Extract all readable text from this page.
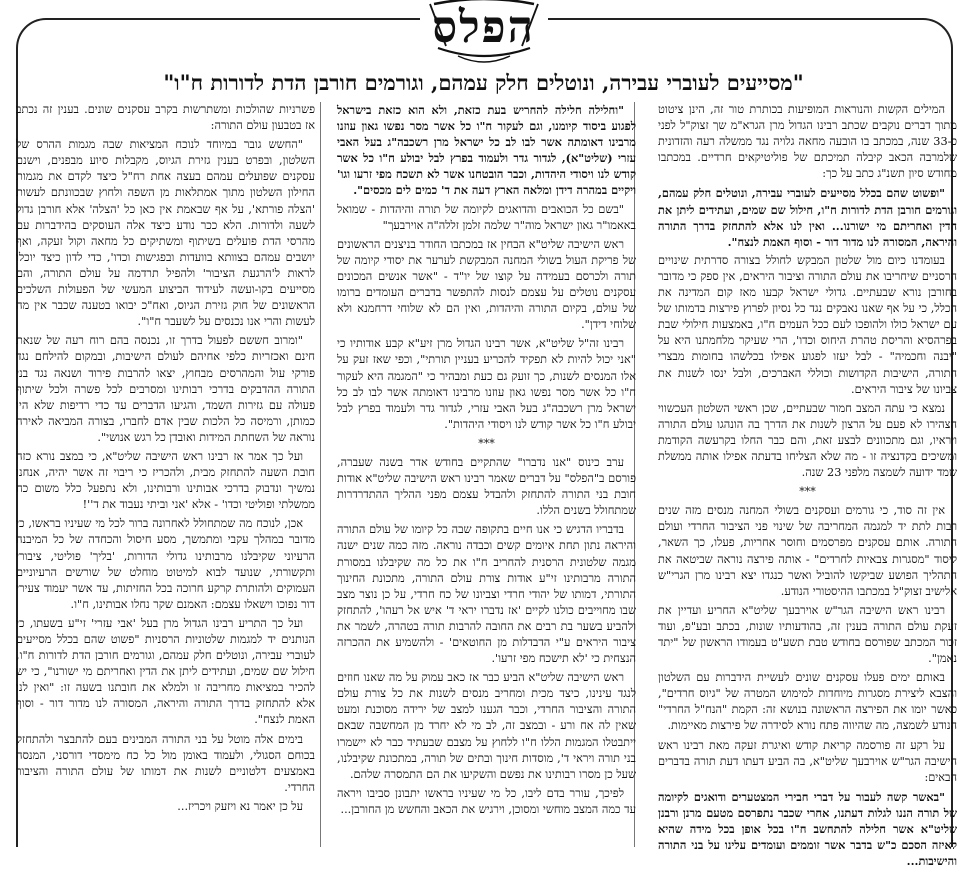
הפלס
"מסייעים לעוברי עבירה, ונוטלים חלק עמהם, וגורמים חורבן הדת לדורות ח"ו"

המילים הקשות והנוראות המופיעות בכותרת טור זה, הינן ציטוט מתוך דברים נוקבים שכתב רבינו הגדול מרן הגרא"מ שך זצוק"ל לפני כ-33 שנה, במכתב בו הובעה מחאה גלויה נגד ממשלה רעה והזדונית שלמרבה הכאב קיבלה תמיכתם של פוליטיקאים חרדיים. במכתבו מחודש סיון תשנ"ג כתב על כך:

"ופשוט שהם בכלל מסייעים לעוברי עבירה, ונוטלים חלק עמהם, וגורמים חורבן הדת לדורות ח"ו, חילול שם שמים, ועתידים ליתן את הדין ואחריתם מי ישורנו... ואין לנו אלא להתחזק בדרך התורה והיראה, המסורה לנו מדור דור - וסוף האמת לנצח".

בעומדנו כיום מול שלטון המבקש לחולל בצורה סדרתית שינויים הרסניים שיחריבו את עולם התורה וציבור היראים, אין ספק כי מדובר בחורבן נורא שבעתיים. גדולי ישראל קבעו מאז קום המדינה את הכלל, כי על אף שאנו נאבקים נגד כל נסיון לפרוץ פירצות בדמותו של עם ישראל כולו ולהופכו לעם ככל העמים ח"ו, באמצעות חילולי שבת בפרהסיא והריסת טהרת היחוס וכדו', הרי שעיקר מלחמתנו היא על "יבנה וחכמיה" - לבל יעזו לפגוע אפילו בכלשהו בחומות מבצרי התורה, הישיבות הקדושות וכוללי האברכים, ולבל ינסו לשנות את צביונו של ציבור היראים.

נמצא כי עתה המצב חמור שבעתיים, שכן ראשי השלטון העכשווי הצהירו לא פעם על הרצון לשנות את הדרך בה הונהגו עולם התורה ויראיו, וגם מתכוונים לבצע זאת, והם כבר החלו בקרעשה הקודמת ומשיכים בקדנציה זו - מה שלא הצליחו בדעתה אפילו אותה ממשלת שמד ידועה לשמצה מלפני 23 שנה.

***

אין זה סוד, כי גורמים ועסקנים בשולי המחנה מנסים מזה שנים רבות לתת יד למגמה המחריבה של שינוי פני הציבור החרדי ועולם התורה. אותם עסקנים מפרסמים וחוסר אחריות, פעלו, כך השאר, ליסוד "מסגרות צבאיות לחרדים" - אותה פירצה נוראה שביטאה את התהליך הפושע שביקשו להוביל ואשר כנגדו יצא רבינו מרן הגרי"ש אלישיב זצוק"ל במכתבו ההיסטורי הנודע.

רבינו ראש הישיבה הגר"ש אוירבעך שליט"א החריע ועדיין את זעקת עולם התורה בענין זה, בהודעותיו שונות, בכתב ובע"פ, ועוד זכור המכתב שפורסם בחודש טבת תשע"ט בעמודו הראשון של "יתד נאמן".

באותם ימים פעלו עסקנים שונים לעשיית הידברות עם השלטון והצבא ליצירת מסגרות מיוחדות למימוש המטרה של "גיוס חרדים", כאשר יומו את הפירצה הראשונה בנושא זה: הקמת "הנח"ל החרדי" הנודע לשמצה, מה שהיווה פתח נורא לסידרה של פירצות מאיימות.

על רקע זה פורסמה קריאת קודש ואיגרת זעקה מאת רבינו ראש הישיבה הגר"ש אוירבעך שליט"א, בה הביע דעתו דעת תורה בדברים הבאים:

"באשר קשה לעבור על דברי חבירי המצטערים ודואגים לקיומה של תורה הננו לגלות דעתנו, אחרי שכבר נתפרסם מטעם מרנן ורבנן שליט"א אשר חלילה להתחשב ח"ו בכל אופן בכל מידה שהיא לאיזה הסכם כ"ש בדבר אשר זוממים ועומדים עלינו על בני התורה והישיבות...

"וחלילה חלילה להחריש בעת כזאת, ולא הוא כזאת בישראל לפגוע ביסוד קיומנו, וגם לעקור ח"ו כל אשר מסר נפשו גאון עוזנו מרבינו דאומתה אשר לבו לב כל ישראל מרן רשכבה"ג בעל האבי עזרי (שליט"א), לגדור גדר ולעמוד בפרץ לבל יבולע ח"ו כל אשר קודש לנו ויסודי היהדות, וכבר הובטחנו אשר לא תשכח מפי זרעו וגו' ויקיים במהרה דידן ומלאה הארץ דעה את ד' כמים לים מכסים".

"בשם כל הכואבים והדואגים לקיומה של תורה והיהדות - שמואל באאמו"ר גאון ישראל מוה"ר שלמה זלמן זללה"ה אוירבעך"

ראש הישיבה שליט"א הבחין אז במכתבו החודר בניצנים הראשונים של פריקת העול בשולי המחנה המבקשת לערער את יסודי קיומה של תורה ולכרסם בעמידה על קוצו של יו"ד - "אשר אנשים המכונים עסקנים נוטלים על עצמם לנסות להתפשר בדברים העומדים ברומו של עולם, בקיום התורה והיהדות, ואין הם לא שלוחי דרחמנא ולא שלוחי דידן".

רבינו זה"ל שליט"א, אשר רבינו הגדול מרן זיע"א קבע אודותיו כי "אני יכול להיות לא תפקיד להכריע בעניין תורתי", וכפי שאז זעק על אלו המנסים לשנות, כך זועק גם כעת ומבהיר כי "המגמה היא לעקור ח"ו כל אשר מסר נפשו גאון עוזנו מרבינו דאומתה אשר לבו לב כל ישראל מרן רשכבה"ג בעל האבי עזרי, לגדור גדר ולעמוד בפרץ לבל יבולע ח"ו כל אשר קודש לנו ויסודי היהדות".

***

ערב כינוס "אנו נדברו" שהתקיים בחודש אדר בשנה שעברה, פורסם ב"הפלס" על דברים שאמר רבינו ראש הישיבה שליט"א אודות חובת בני התורה להתחזק ולהבדל עצמם מפני ההליך ההתדרדרות שמתחולל בשנים הללו.

בדבריו הדגיש כי אנו חיים בתקופה שבה כל קיומו של עולם התורה והיראה נתון תחת איומים קשים וכבדה נוראה. מזה כמה שנים ישנה מגמה שלטונית הרסנית להחריב ח"ו את כל מה שקיבלנו במסורת התורה מרבותינו זי"ע אודות צורת עולם התורה, מתכונת החינוך התורתי, דמותו של יהודי חרדי וצביונו של כח חרדי, על כן נוצר מצב שבו מחוייבים כולנו לקיים 'אז נדברו יראי ד' איש אל רעהו', להתחזק ולהביע בשער בת רבים את החובה להרבות תורה בטהרה, לשמר את ציבור היראים ע"י הדבדלות מן החוטאים' - ולהשמיע את ההכרזה הנצחית כי 'לא תישכח מפי זרעו'.

ראש הישיבה שליט"א הביע כבר אז כאב עמוק על מה שאנו חוזים לנגד עינינו, כיצד מכית ומחריב מנסים לשנות את כל צורת עולם התורה והציבור החרדי, וכבר הגענו למצב של ירידה מסוכנת ומעט שאין לה אח ורע - ובמצב זה, לב מי לא יחרד מן המחשבה שבאם ייתבטלו המגמות הללו ח"ו ללחוץ על מצבם שבעתיד כבר לא יישמרו בני תורה ויראי ד', מוסדות חינוך ובתים של תורה, במתכונת שקיבלנו, שעל כן מסרו רבותינו את נפשם והשקיעו את הם התמסרה שלהם.

לפיכך, עורר בדם ליבו, כל מי שעיניו בראשו יתבונן סביבו ויראה עד כמה המצב מוחשי ומסוכן, וירגיש את הכאב והחשש מן החורבן...

פשרניות שהולכות ומשתרשות בקרב עסקנים שונים. בענין זה נכתב אז בטבעון עולם התורה:

"החשש גובר במיוחד לנוכח המציאות שבה מגמות ההרס של השלטון, ובפרט בענין גזירת הגיוס, מקבלות סיוע מבפנים, וישנם עסקנים שפועלים עמהם בעצה אחת רח"ל כיצד לקדם את מגמות החילון השלטון מתוך אמתלאות מן השפה ולחוץ שבכוונתם לעשות 'הצלה פורתא', על אף שבאמת אין כאן כל 'הצלה' אלא חורבן גדול לשעה ולדורות. הלא ככר נודע כיצד אלה העוסקים בהידברות עם מהרסי הדת פועלים בשיתוף ומשתיקים כל מחאה וקול זעקה, ואף יושבים עמהם בצוותא בוועדות ובפגישות וכדו', כדי לדון כיצד יוכלו לראות ל'הרגעת הציבור' ולהפיל תרדמה על עולם התורה, והם מסייעים בקו-ועשה לעידוד הביצוע המעשי של הפעולות השלכים הראשונים של חוק גזירת הגיוס, ואח"כ יבואו בטענה שכבר אין מה לעשות והרי אנו נכנסים על לשעבר ח"ו".

"ומרוב חששם לפעול בדרך זו, נכנסה בהם רוח רעה של שנאת חינם ואכזריות כלפי אחיהם לעולם הישיבות, ובמקום להילחם נגד פורקי עול והמהרסים מבחוץ, יצאו להרבות פירוד ושנאה נגד בני התורה ההדבקים בדרכי רבותינו ומסרבים לכל פשרה ולכל שיתוף פעולה עם גזירות השמד, והגיעו הדברים עד כדי רדיפות שלא היו כמותן, ורמיסה כל הלכות שבין אדם לחברו, בצורה המביאה לאירה נוראה של השחתת המידות ואובדן כל רגש אנושי".

ועל כך אמר אז רבינו ראש הישיבה שליט"א, כי במצב נורא כזה חובת השעה להתחזק מבית, ולהכריז כי ריבוי זה אשר יהיה, אנחנו נמשיך ונדבוק בדרכי אבותינו ורבותינו, ולא נתפעל כלל משום כח ממשלתי ופוליטי וכדו' - אלא 'אני וביתי נעבוד את ד''!

אכן, לנוכח מה שמתחולל לאחרונה ברור לכל מי שעיניו בראשו, כי מדובר במהלך עקבי ומתמשך, מסע חיסול והכחדה של כל המיבנה הרעיוני שקיבלנו מרבותינו גדולי הדורות, 'בליך' פוליטי, ציבורי ותקשורתי, שנועד לבוא למיטוט מוחלט של שורשים הרעיוניים העמוקים ולהותרת קרקע חרוכה בכל החזיתות, עד אשר יעמוד צעירי דור נפוכו וישאלו עצמם: האמנם שקר נחלו אבותינו, ח"ו.

ועל כך התריע רבינו הגדול מרן בעל 'אבי עזרי' זי"ע בשעתו, כי הנותנים יד למגמות שלטוניות הרסניות "פשוט שהם בכלל מסייעים לעוברי עבירה, ונוטלים חלק עמהם, וגורמים חורבן הדת לדורות ח"ו, חילול שם שמים, ועתידים ליתן את הדין ואחריתם מי ישורנו", כי יש להכיר במציאות מחריבה זו ולמלא את חובתנו בשעה זו: "ואין לנו אלא להתחזק בדרך התורה והיראה, המסורה לנו מדור דור - וסוף האמת לנצח".

בימים אלה מוטל על בני התורה המבינים בעם להתבצר ולהתחזק בכוחם הסגולי, ולעמוד באומן מול כל כח מימסדי דורסני, המנסה באמצעים דלטוניים לשנות את דמותו של עולם התורה והציבור החרדי.

על כן יאמר נא ויזעק ויכריז...
